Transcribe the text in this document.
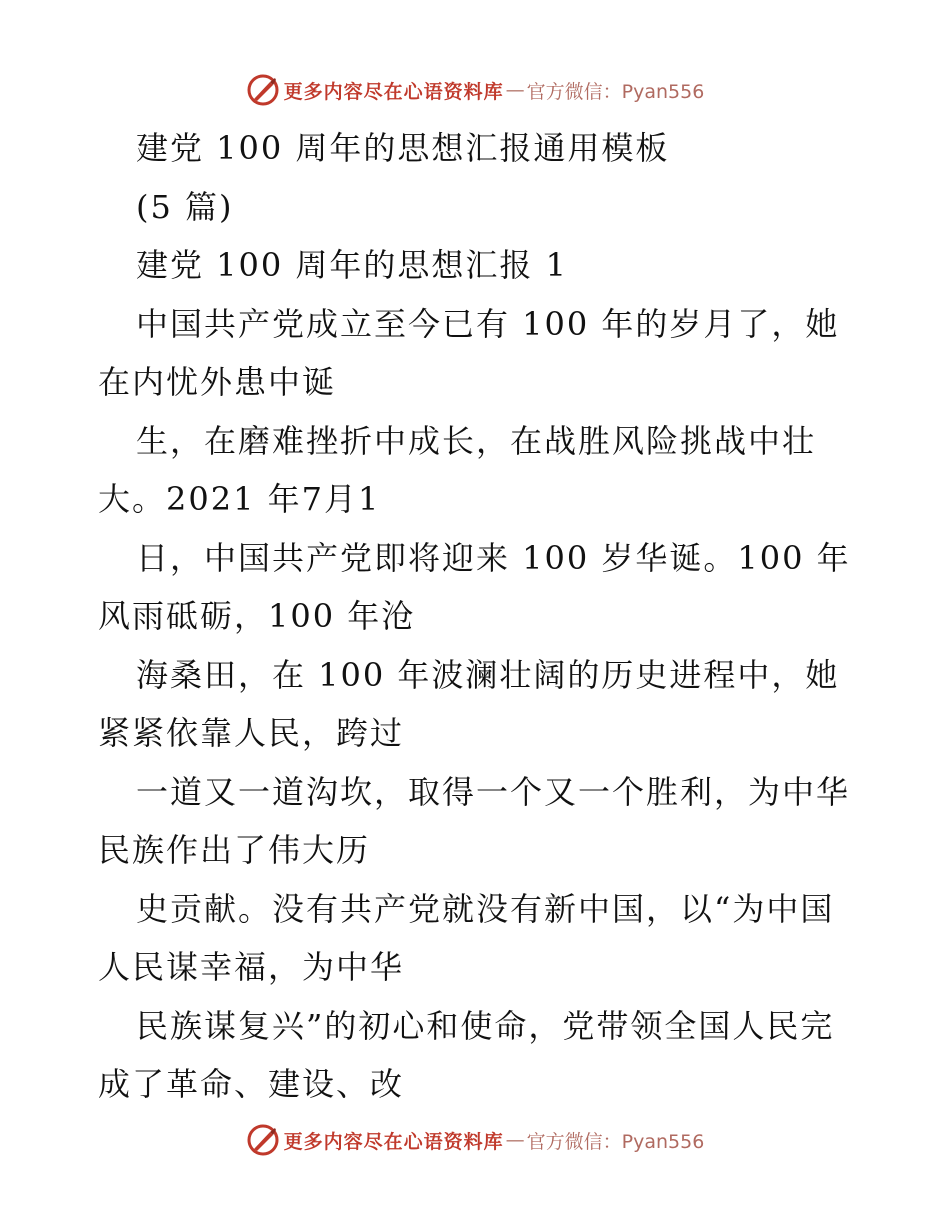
更多内容尽在心语资料库 — 官方微信：Pyan556
建党 100 周年的思想汇报通用模板
(5 篇)
建党 100 周年的思想汇报 1
中国共产党成立至今已有 100 年的岁月了，她
在内忧外患中诞
生，在磨难挫折中成长，在战胜风险挑战中壮
大。2021 年7月1
日，中国共产党即将迎来 100 岁华诞。100 年
风雨砥砺，100 年沧
海桑田，在 100 年波澜壮阔的历史进程中，她
紧紧依靠人民，跨过
一道又一道沟坎，取得一个又一个胜利，为中华
民族作出了伟大历
史贡献。没有共产党就没有新中国，以“为中国
人民谋幸福，为中华
民族谋复兴”的初心和使命，党带领全国人民完
成了革命、建设、改
更多内容尽在心语资料库 — 官方微信：Pyan556
